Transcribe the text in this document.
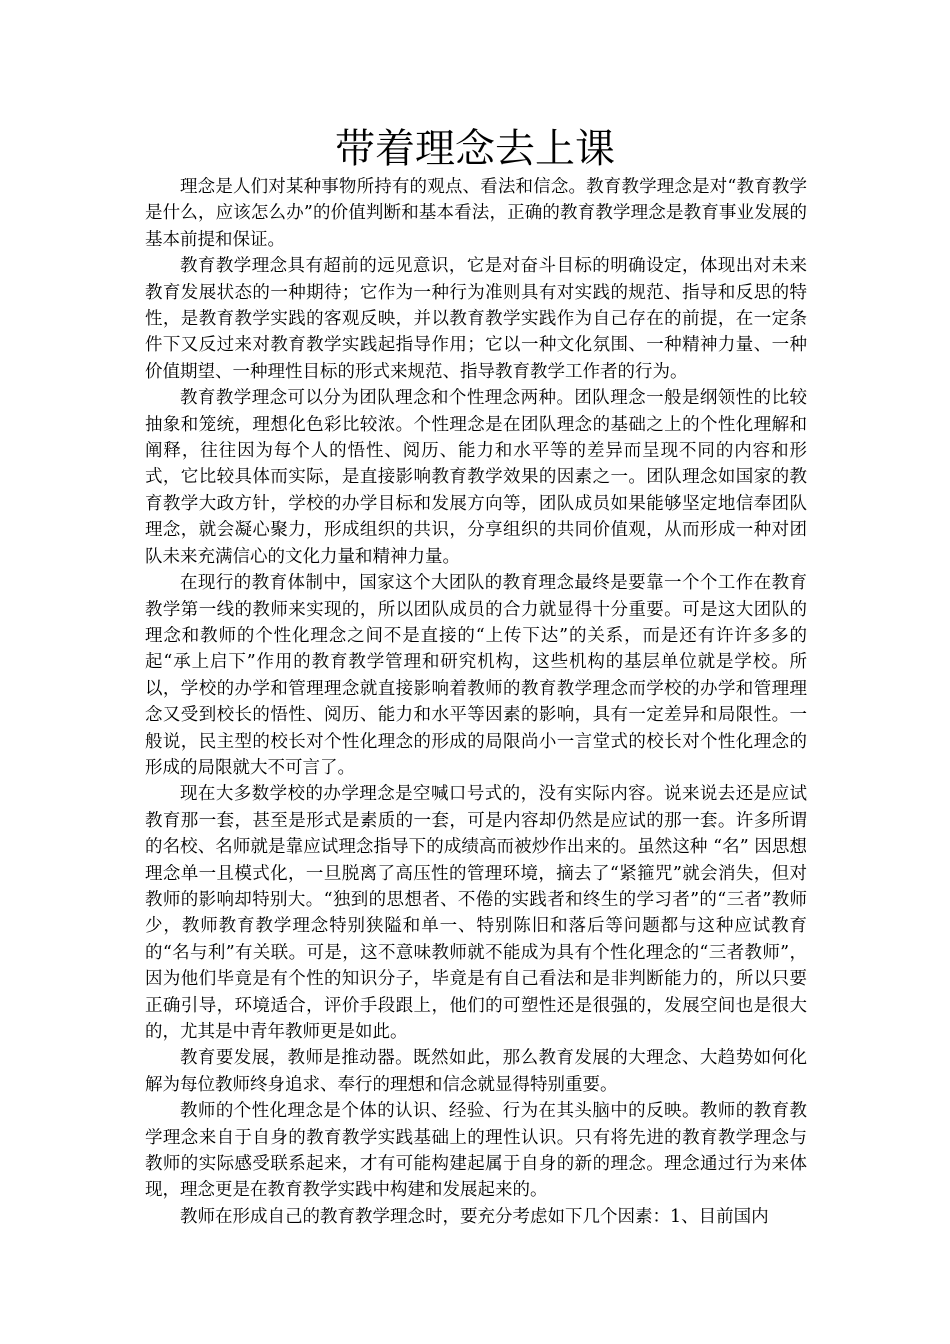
带着理念去上课

理念是人们对某种事物所持有的观点、看法和信念。教育教学理念是对“教育教学是什么，应该怎么办”的价值判断和基本看法，正确的教育教学理念是教育事业发展的基本前提和保证。

教育教学理念具有超前的远见意识，它是对奋斗目标的明确设定，体现出对未来教育发展状态的一种期待；它作为一种行为准则具有对实践的规范、指导和反思的特性，是教育教学实践的客观反映，并以教育教学实践作为自己存在的前提，在一定条件下又反过来对教育教学实践起指导作用；它以一种文化氛围、一种精神力量、一种价值期望、一种理性目标的形式来规范、指导教育教学工作者的行为。

教育教学理念可以分为团队理念和个性理念两种。团队理念一般是纲领性的比较抽象和笼统，理想化色彩比较浓。个性理念是在团队理念的基础之上的个性化理解和阐释，往往因为每个人的悟性、阅历、能力和水平等的差异而呈现不同的内容和形式，它比较具体而实际，是直接影响教育教学效果的因素之一。团队理念如国家的教育教学大政方针，学校的办学目标和发展方向等，团队成员如果能够坚定地信奉团队理念，就会凝心聚力，形成组织的共识，分享组织的共同价值观，从而形成一种对团队未来充满信心的文化力量和精神力量。

在现行的教育体制中，国家这个大团队的教育理念最终是要靠一个个工作在教育教学第一线的教师来实现的，所以团队成员的合力就显得十分重要。可是这大团队的理念和教师的个性化理念之间不是直接的“上传下达”的关系，而是还有许许多多的起“承上启下”作用的教育教学管理和研究机构，这些机构的基层单位就是学校。所以，学校的办学和管理理念就直接影响着教师的教育教学理念而学校的办学和管理理念又受到校长的悟性、阅历、能力和水平等因素的影响，具有一定差异和局限性。一般说，民主型的校长对个性化理念的形成的局限尚小一言堂式的校长对个性化理念的形成的局限就大不可言了。

现在大多数学校的办学理念是空喊口号式的，没有实际内容。说来说去还是应试教育那一套，甚至是形式是素质的一套，可是内容却仍然是应试的那一套。许多所谓的名校、名师就是靠应试理念指导下的成绩高而被炒作出来的。虽然这种 “名” 因思想理念单一且模式化，一旦脱离了高压性的管理环境，摘去了“紧箍咒”就会消失，但对教师的影响却特别大。“独到的思想者、不倦的实践者和终生的学习者”的“三者”教师少，教师教育教学理念特别狭隘和单一、特别陈旧和落后等问题都与这种应试教育的“名与利”有关联。可是，这不意味教师就不能成为具有个性化理念的“三者教师”，因为他们毕竟是有个性的知识分子，毕竟是有自己看法和是非判断能力的，所以只要正确引导，环境适合，评价手段跟上，他们的可塑性还是很强的，发展空间也是很大的，尤其是中青年教师更是如此。

教育要发展，教师是推动器。既然如此，那么教育发展的大理念、大趋势如何化解为每位教师终身追求、奉行的理想和信念就显得特别重要。

教师的个性化理念是个体的认识、经验、行为在其头脑中的反映。教师的教育教学理念来自于自身的教育教学实践基础上的理性认识。只有将先进的教育教学理念与教师的实际感受联系起来，才有可能构建起属于自身的新的理念。理念通过行为来体现，理念更是在教育教学实践中构建和发展起来的。

教师在形成自己的教育教学理念时，要充分考虑如下几个因素：1、目前国内
